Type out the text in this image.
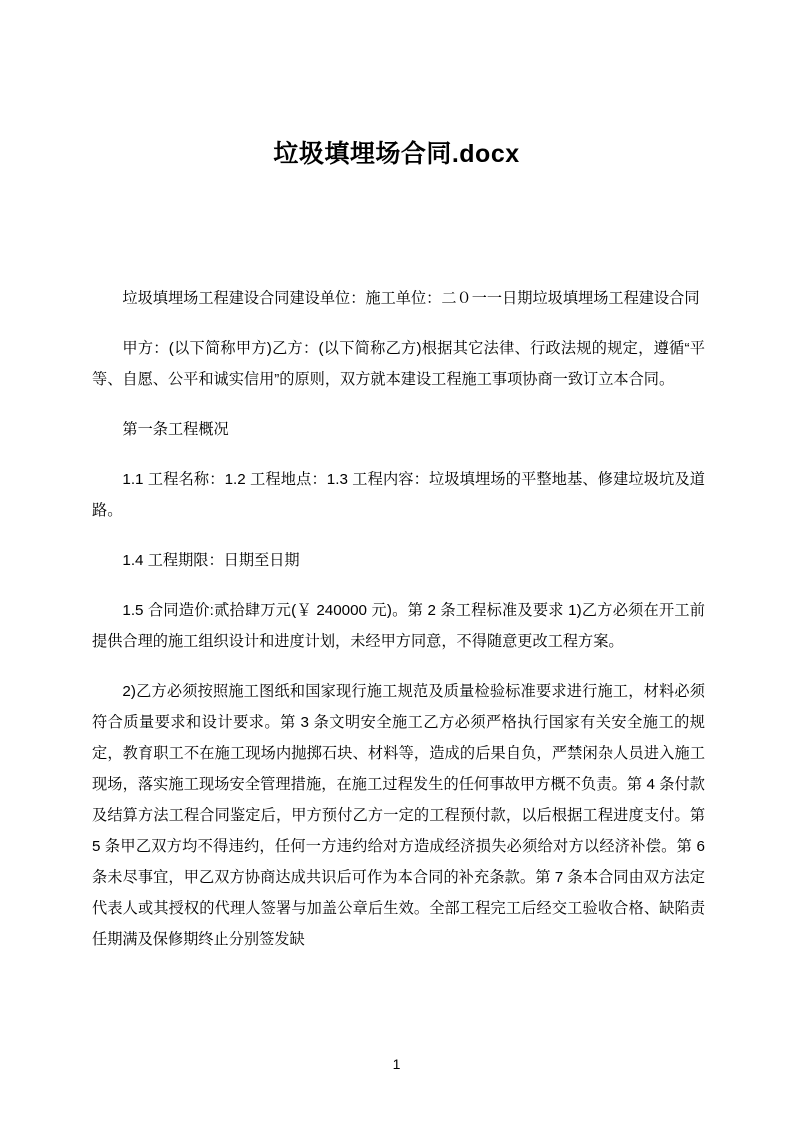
垃圾填埋场合同.docx

垃圾填埋场工程建设合同建设单位：施工单位：二０一一日期垃圾填埋场工程建设合同

甲方：(以下简称甲方)乙方：(以下简称乙方)根据其它法律、行政法规的规定，遵循“平等、自愿、公平和诚实信用”的原则，双方就本建设工程施工事项协商一致订立本合同。

第一条工程概况

1.1 工程名称：1.2 工程地点：1.3 工程内容：垃圾填埋场的平整地基、修建垃圾坑及道路。

1.4 工程期限：日期至日期

1.5 合同造价:贰拾肆万元(￥ 240000 元)。第 2 条工程标准及要求 1)乙方必须在开工前提供合理的施工组织设计和进度计划，未经甲方同意，不得随意更改工程方案。

2)乙方必须按照施工图纸和国家现行施工规范及质量检验标准要求进行施工，材料必须符合质量要求和设计要求。第 3 条文明安全施工乙方必须严格执行国家有关安全施工的规定，教育职工不在施工现场内抛掷石块、材料等，造成的后果自负，严禁闲杂人员进入施工现场，落实施工现场安全管理措施，在施工过程发生的任何事故甲方概不负责。第 4 条付款及结算方法工程合同鉴定后，甲方预付乙方一定的工程预付款，以后根据工程进度支付。第 5 条甲乙双方均不得违约，任何一方违约给对方造成经济损失必须给对方以经济补偿。第 6 条未尽事宜，甲乙双方协商达成共识后可作为本合同的补充条款。第 7 条本合同由双方法定代表人或其授权的代理人签署与加盖公章后生效。全部工程完工后经交工验收合格、缺陷责任期满及保修期终止分别签发缺

1
